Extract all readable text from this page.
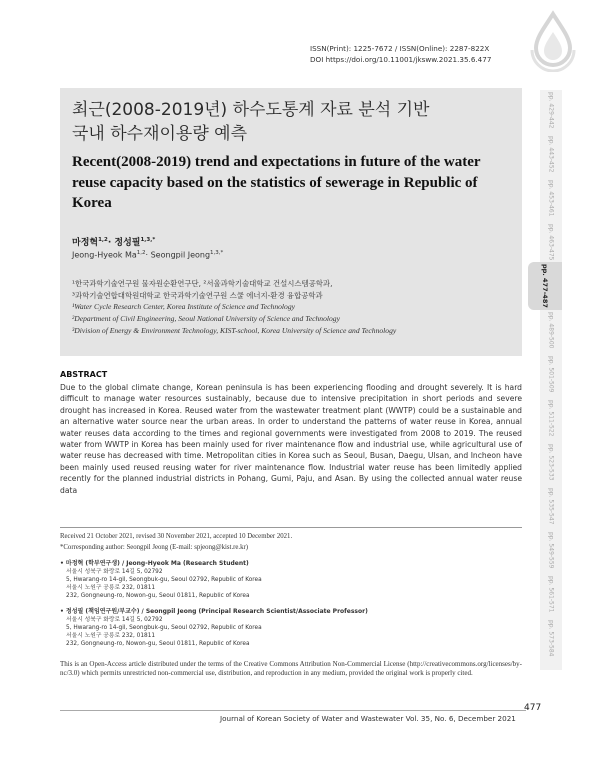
ISSN(Print): 1225-7672 / ISSN(Online): 2287-822X
DOI https://doi.org/10.11001/jksww.2021.35.6.477
최근(2008-2019년) 하수도통계 자료 분석 기반
국내 하수재이용량 예측
Recent(2008-2019) trend and expectations in future of the water reuse capacity based on the statistics of sewerage in Republic of Korea
마정혁$^{1,2}$· 정성필$^{1,3,*}$
Jeong-Hyeok Ma$^{1,2}$· Seongpil Jeong$^{1,3,*}$
¹한국과학기술연구원 물자원순환연구단, ²서울과학기술대학교 건설시스템공학과,
³과학기술연합대학원대학교 한국과학기술연구원 스쿨 에너지-환경 융합공학과
¹Water Cycle Research Center, Korea Institute of Science and Technology
²Department of Civil Engineering, Seoul National University of Science and Technology
³Division of Energy & Environment Technology, KIST-school, Korea University of Science and Technology
ABSTRACT
Due to the global climate change, Korean peninsula is has been experiencing flooding and drought severely. It is hard difficult to manage water resources sustainably, because due to intensive precipitation in short periods and severe drought has increased in Korea. Reused water from the wastewater treatment plant (WWTP) could be a sustainable and an alternative water source near the urban areas. In order to understand the patterns of water reuse in Korea, annual water reuses data according to the times and regional governments were investigated from 2008 to 2019. The reused water from WWTP in Korea has been mainly used for river maintenance flow and industrial use, while agricultural use of water reuse has decreased with time. Metropolitan cities in Korea such as Seoul, Busan, Daegu, Ulsan, and Incheon have been mainly used reused reusing water for river maintenance flow. Industrial water reuse has been limitedly applied recently for the planned industrial districts in Pohang, Gumi, Paju, and Asan. By using the collected annual water reuse data
Received 21 October 2021, revised 30 November 2021, accepted 10 December 2021.
*Corresponding author: Seongpil Jeong (E-mail: spjeong@kist.re.kr)
• 마정혁 (학부연구생) / Jeong-Hyeok Ma (Research Student)
서울시 성북구 화랑로 14길 5, 02792
5, Hwarang-ro 14-gil, Seongbuk-gu, Seoul 02792, Republic of Korea
서울시 노원구 공릉로 232, 01811
232, Gongneung-ro, Nowon-gu, Seoul 01811, Republic of Korea
• 정성필 (책임연구원/부교수) / Seongpil Jeong (Principal Research Scientist/Associate Professor)
서울시 성북구 화랑로 14길 5, 02792
5, Hwarang-ro 14-gil, Seongbuk-gu, Seoul 02792, Republic of Korea
서울시 노원구 공릉로 232, 01811
232, Gongneung-ro, Nowon-gu, Seoul 01811, Republic of Korea
This is an Open-Access article distributed under the terms of the Creative Commons Attribution Non-Commercial License (http://creativecommons.org/licenses/by-nc/3.0) which permits unrestricted non-commercial use, distribution, and reproduction in any medium, provided the original work is properly cited.
477
Journal of Korean Society of Water and Wastewater Vol. 35, No. 6, December 2021
pp. 429-442
pp. 443-452
pp. 453-461
pp. 463-475
pp. 477-487
pp. 489-500
pp. 501-509
pp. 511-522
pp. 523-533
pp. 535-547
pp. 549-559
pp. 561-571
pp. 573-584
